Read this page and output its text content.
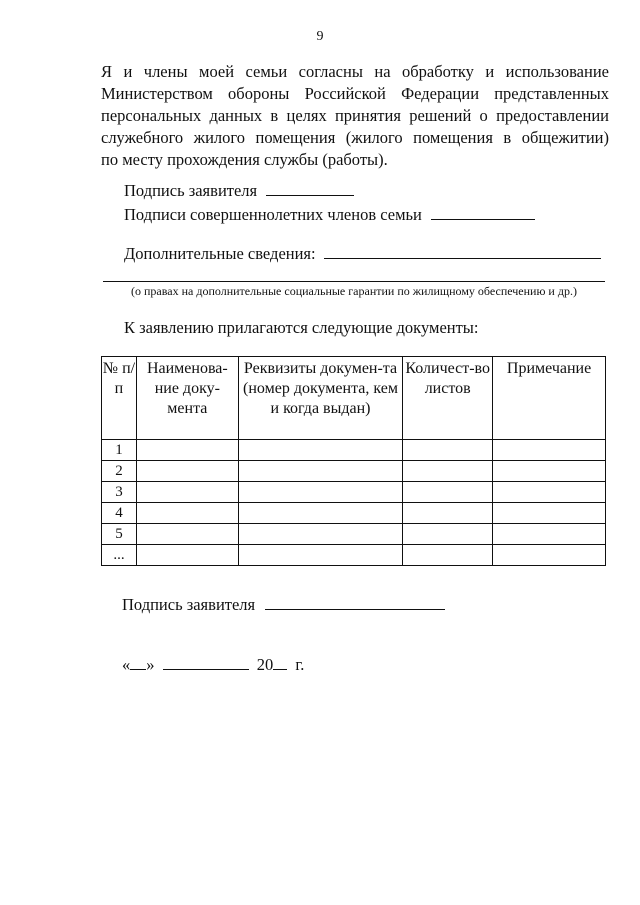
9
Я и члены моей семьи согласны на обработку и использование
Министерством обороны Российской Федерации представленных
персональных данных в целях принятия решений о предоставлении
служебного жилого помещения (жилого помещения в общежитии)
по месту прохождения службы (работы).
Подпись заявителя
Подписи совершеннолетних членов семьи
Дополнительные сведения:
(о правах на дополнительные социальные гарантии по жилищному обеспечению и др.)
К заявлению прилагаются следующие документы:
№ п/п	Наименова-ние доку-мента	Реквизиты докумен-та (номер документа, кем и когда выдан)	Количест-во листов	Примечание
1				
2				
3				
4				
5				
...				
Подпись заявителя
« »	20 г.
